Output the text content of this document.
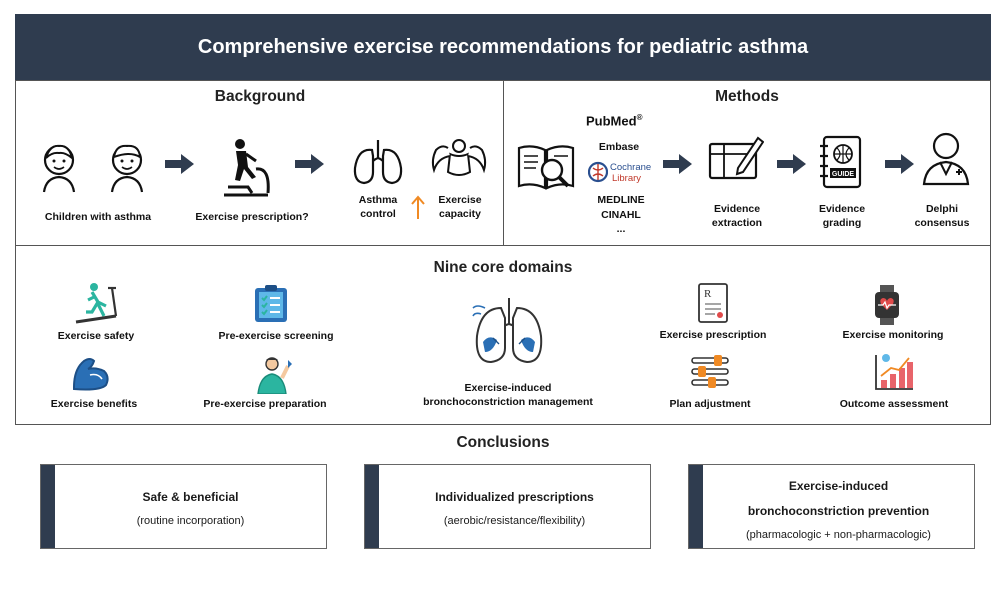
Comprehensive exercise recommendations for pediatric asthma
Background
Children with asthma	Exercise prescription?
Asthma
control
Exercise
capacity
Methods
PubMed®
Embase
Cochrane
Library
MEDLINE
CINAHL
...
Evidence
extraction
GUIDE
Evidence
grading
Delphi
consensus
Nine core domains
Exercise safety	Pre-exercise screening
Exercise benefits	Pre-exercise preparation
Exercise-induced
bronchoconstriction management
R
Exercise prescription	Exercise monitoring
Plan adjustment	Outcome assessment
Conclusions
Safe & beneficial
(routine incorporation)
Individualized prescriptions
(aerobic/resistance/flexibility)
Exercise-induced
bronchoconstriction prevention
(pharmacologic + non-pharmacologic)
